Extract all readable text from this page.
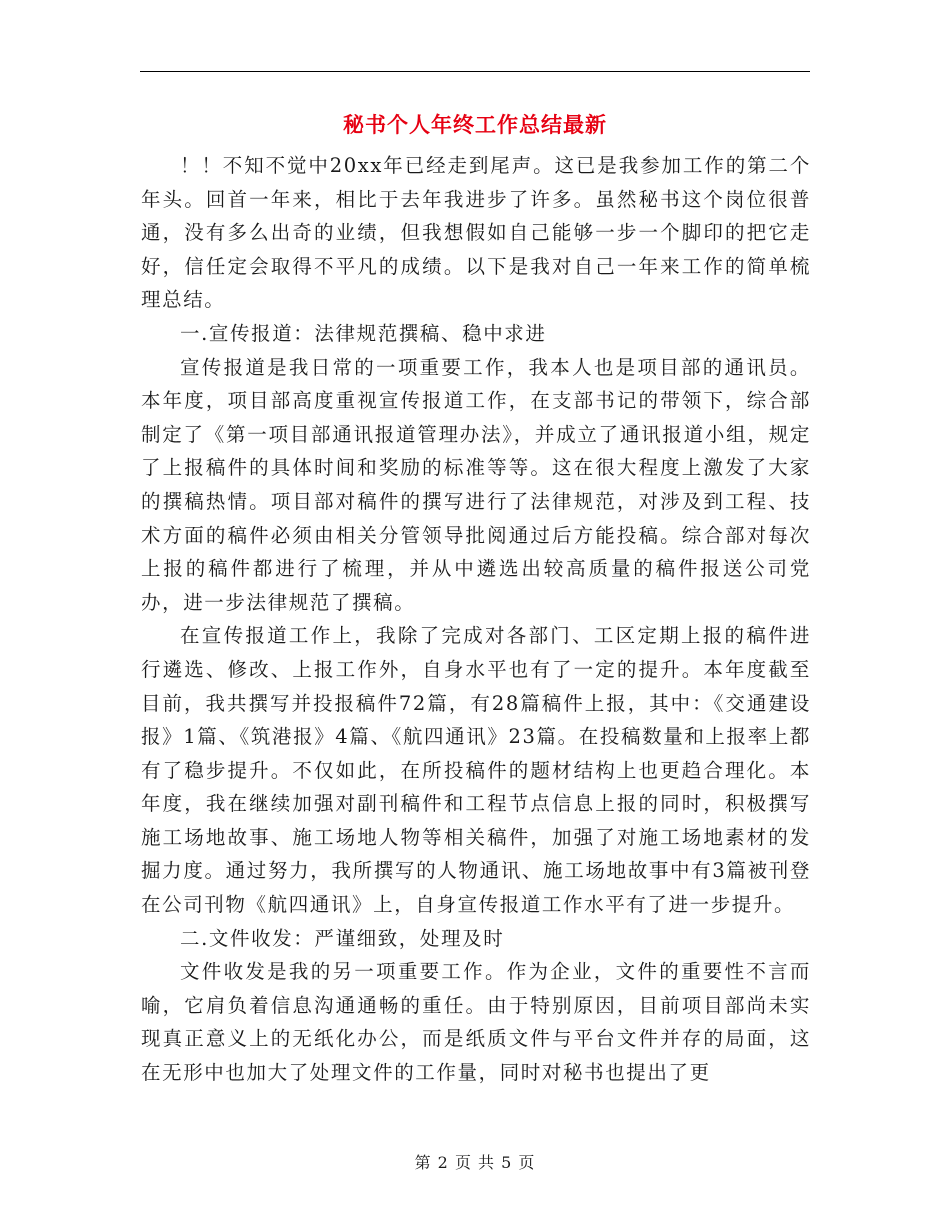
秘书个人年终工作总结最新

！！不知不觉中20xx年已经走到尾声。这已是我参加工作的第二个年头。回首一年来，相比于去年我进步了许多。虽然秘书这个岗位很普通，没有多么出奇的业绩，但我想假如自己能够一步一个脚印的把它走好，信任定会取得不平凡的成绩。以下是我对自己一年来工作的简单梳理总结。

一.宣传报道：法律规范撰稿、稳中求进

宣传报道是我日常的一项重要工作，我本人也是项目部的通讯员。本年度，项目部高度重视宣传报道工作，在支部书记的带领下，综合部制定了《第一项目部通讯报道管理办法》，并成立了通讯报道小组，规定了上报稿件的具体时间和奖励的标准等等。这在很大程度上激发了大家的撰稿热情。项目部对稿件的撰写进行了法律规范，对涉及到工程、技术方面的稿件必须由相关分管领导批阅通过后方能投稿。综合部对每次上报的稿件都进行了梳理，并从中遴选出较高质量的稿件报送公司党办，进一步法律规范了撰稿。

在宣传报道工作上，我除了完成对各部门、工区定期上报的稿件进行遴选、修改、上报工作外，自身水平也有了一定的提升。本年度截至目前，我共撰写并投报稿件72篇，有28篇稿件上报，其中：《交通建设报》1篇、《筑港报》4篇、《航四通讯》23篇。在投稿数量和上报率上都有了稳步提升。不仅如此，在所投稿件的题材结构上也更趋合理化。本年度，我在继续加强对副刊稿件和工程节点信息上报的同时，积极撰写施工场地故事、施工场地人物等相关稿件，加强了对施工场地素材的发掘力度。通过努力，我所撰写的人物通讯、施工场地故事中有3篇被刊登在公司刊物《航四通讯》上，自身宣传报道工作水平有了进一步提升。

二.文件收发：严谨细致，处理及时

文件收发是我的另一项重要工作。作为企业，文件的重要性不言而喻，它肩负着信息沟通通畅的重任。由于特别原因，目前项目部尚未实现真正意义上的无纸化办公，而是纸质文件与平台文件并存的局面，这在无形中也加大了处理文件的工作量，同时对秘书也提出了更

第 2 页 共 5 页
